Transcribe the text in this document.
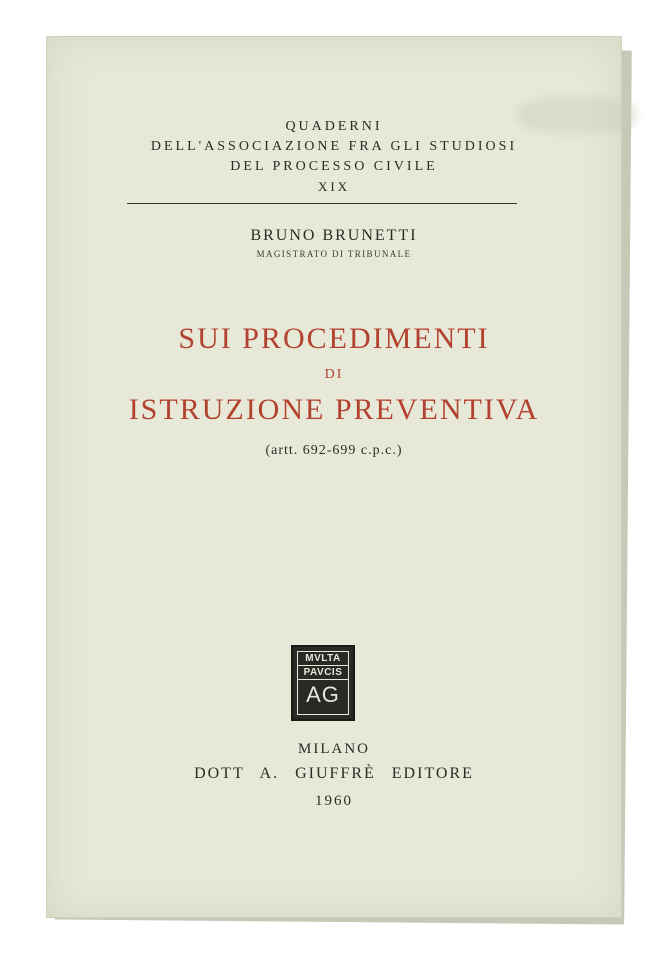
QUADERNI
DELL'ASSOCIAZIONE FRA GLI STUDIOSI
DEL PROCESSO CIVILE
XIX
BRUNO BRUNETTI
MAGISTRATO DI TRIBUNALE
SUI PROCEDIMENTI
DI
ISTRUZIONE PREVENTIVA
(artt. 692-699 c.p.c.)
MVLTA
PAVCIS
AG
MILANO
DOTT A. GIUFFRÈ EDITORE
1960
